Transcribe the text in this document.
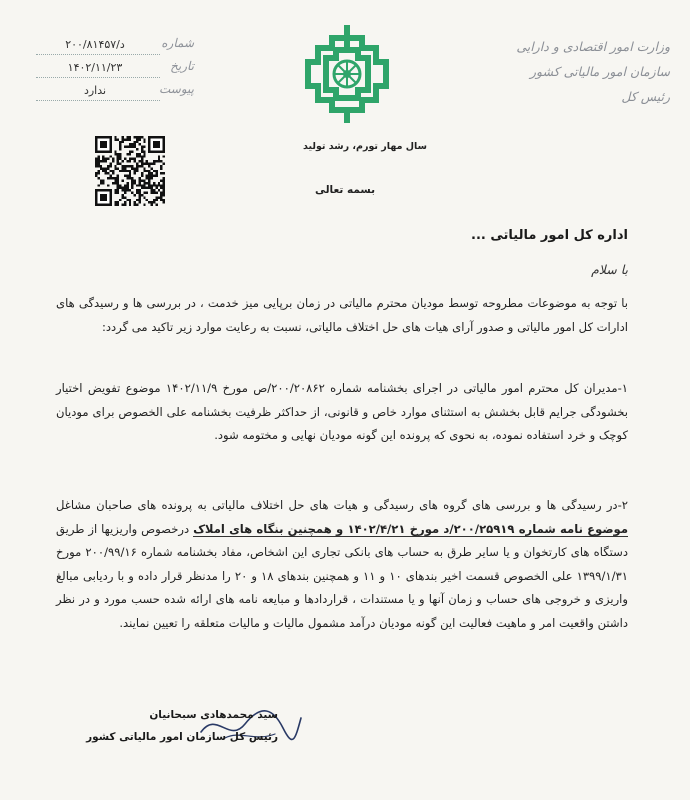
وزارت امور اقتصادی و دارایی
سازمان امور مالیاتی کشور
رئیس کل
شماره
۲۰۰/۸۱۴۵۷/د
تاریخ
۱۴۰۲/۱۱/۲۳
پیوست
ندارد
سال مهار تورم، رشد تولید
بسمه تعالی
اداره کل امور مالیاتی ...
با سلام
با توجه به موضوعات مطروحه توسط مودیان محترم مالیاتی در زمان برپایی میز خدمت ، در بررسی ها و رسیدگی های ادارات کل امور مالیاتی و صدور آرای هیات های حل اختلاف مالیاتی، نسبت به رعایت موارد زیر تاکید می گردد:
۱-مدیران کل محترم امور مالیاتی در اجرای بخشنامه شماره ۲۰۰/۲۰۸۶۲/ص مورخ ۱۴۰۲/۱۱/۹ موضوع تفویض اختیار بخشودگی جرایم قابل بخشش به استثنای موارد خاص و قانونی، از حداکثر ظرفیت بخشنامه علی الخصوص برای مودیان کوچک و خرد استفاده نموده، به نحوی که پرونده این گونه مودیان نهایی و مختومه شود.
۲-در رسیدگی ها و بررسی های گروه های رسیدگی و هیات های حل اختلاف مالیاتی به پرونده های صاحبان مشاغل موضوع نامه شماره ۲۰۰/۲۵۹۱۹/د مورخ ۱۴۰۲/۴/۲۱ و همچنین بنگاه های املاک درخصوص واریزیها از طریق دستگاه های کارتخوان و یا سایر طرق به حساب های بانکی تجاری این اشخاص، مفاد بخشنامه شماره ۲۰۰/۹۹/۱۶ مورخ ۱۳۹۹/۱/۳۱ علی الخصوص قسمت اخیر بندهای ۱۰ و ۱۱ و همچنین بندهای ۱۸ و ۲۰ را مدنظر قرار داده و با ردیابی مبالغ واریزی و خروجی های حساب و زمان آنها و یا مستندات ، قراردادها و مبایعه نامه های ارائه شده حسب مورد و در نظر داشتن واقعیت امر و ماهیت فعالیت این گونه مودیان درآمد مشمول مالیات و مالیات متعلقه را تعیین نمایند.
سید محمدهادی سبحانیان
رئیس کل سازمان امور مالیاتی کشور
